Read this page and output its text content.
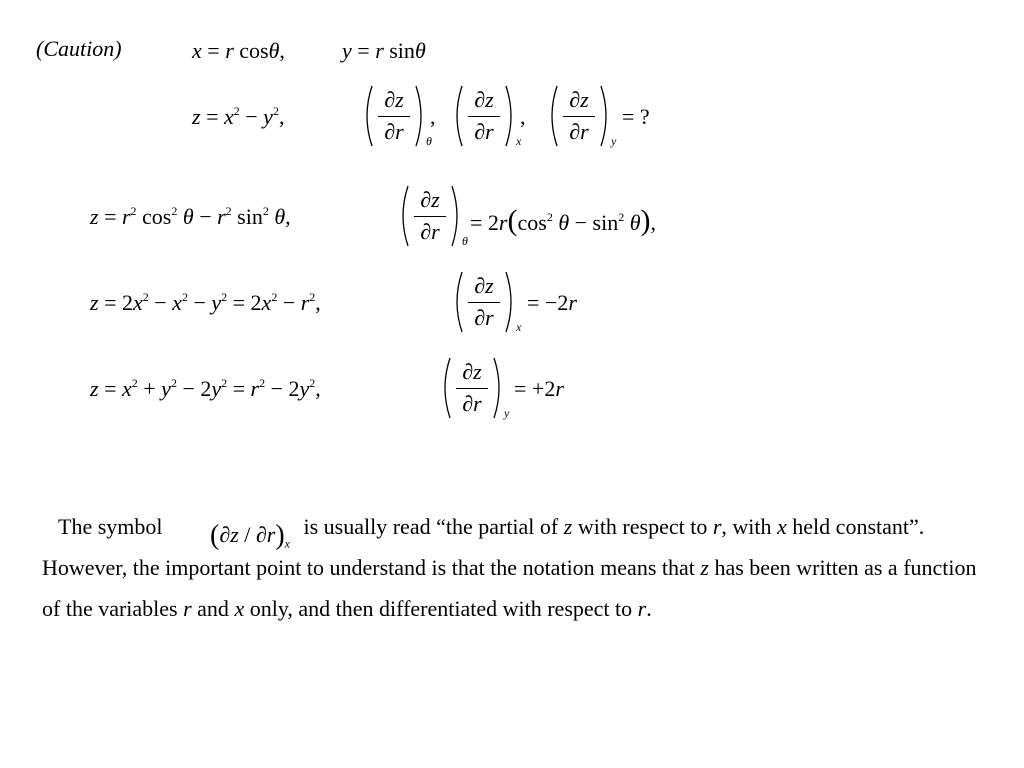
(Caution)	x = r cosθ,	y = r sinθ
$z = x^2 - y^2$,
∂z
∂r	θ
,
∂z
∂r	x
,
∂z
∂r	y
= ?
$z = r^2$ $\cos^2 \theta - r^2$ $\sin^2 \theta$,
∂z
∂r	θ
= $2r(\cos^2$ $\theta - \sin^2 \theta$),
$z = 2x^2 - x^2 - y^2 = 2x^2 - r^2$,
∂z
∂r	x
= −2r
$z = x^2 + y^2 - 2y^2 = r^2 - 2y^2$,
∂z
∂r	y
= +2r
The symbol $(\partial z / \partial r)_x$
is usually read “the partial of z with respect to r, with x held constant”. However, the important point to understand is that the notation means that z has been written as a function of the variables r and x only, and then differentiated with respect to r.
